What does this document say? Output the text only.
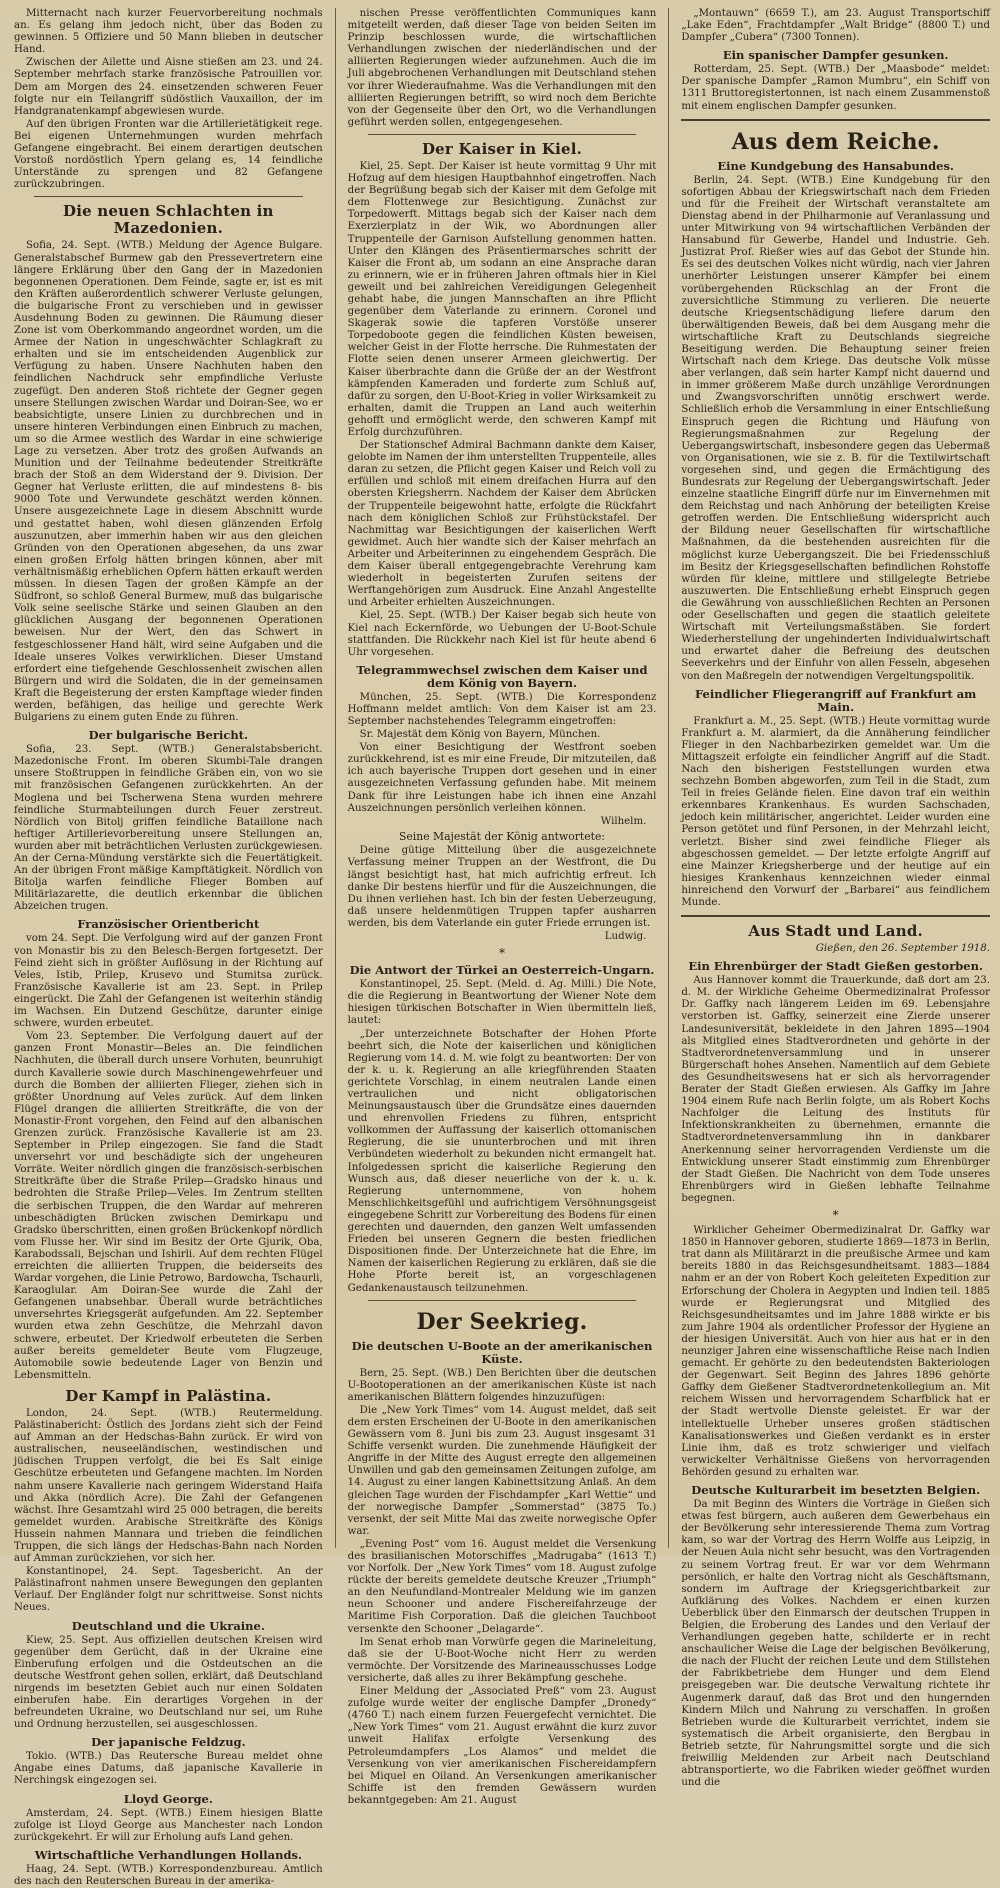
Mitternacht nach kurzer Feuervorbereitung nochmals an. Es gelang ihm jedoch nicht, über das Boden zu gewinnen. 5 Offiziere und 50 Mann blieben in deutscher Hand.

Zwischen der Ailette und Aisne stießen am 23. und 24. September mehrfach starke französische Patrouillen vor. Dem am Morgen des 24. einsetzenden schweren Feuer folgte nur ein Teilangriff südöstlich Vauxaillon, der im Handgranatenkampf abgewiesen wurde.

Auf den übrigen Fronten war die Artillerietätigkeit rege. Bei eigenen Unternehmungen wurden mehrfach Gefangene eingebracht. Bei einem derartigen deutschen Vorstoß nordöstlich Ypern gelang es, 14 feindliche Unterstände zu sprengen und 82 Gefangene zurückzubringen.

Die neuen Schlachten in Mazedonien.

Sofia, 24. Sept. (WTB.) Meldung der Agence Bulgare. Generalstabschef Burmew gab den Pressevertretern eine längere Erklärung über den Gang der in Mazedonien begonnenen Operationen. Dem Feinde, sagte er, ist es mit den Kräften außerordentlich schwerer Verluste gelungen, die bulgarische Front zu verschieben und in gewisser Ausdehnung Boden zu gewinnen. Die Räumung dieser Zone ist vom Oberkommando angeordnet worden, um die Armee der Nation in ungeschwächter Schlagkraft zu erhalten und sie im entscheidenden Augenblick zur Verfügung zu haben. Unsere Nachhuten haben den feindlichen Nachdruck sehr empfindliche Verluste zugefügt. Den anderen Stoß richtete der Gegner gegen unsere Stellungen zwischen Wardar und Doiran-See, wo er beabsichtigte, unsere Linien zu durchbrechen und in unsere hinteren Verbindungen einen Einbruch zu machen, um so die Armee westlich des Wardar in eine schwierige Lage zu versetzen. Aber trotz des großen Aufwands an Munition und der Teilnahme bedeutender Streitkräfte brach der Stoß an dem Widerstand der 9. Division. Der Gegner hat Verluste erlitten, die auf mindestens 8- bis 9000 Tote und Verwundete geschätzt werden können. Unsere ausgezeichnete Lage in diesem Abschnitt wurde und gestattet haben, wohl diesen glänzenden Erfolg auszunutzen, aber immerhin haben wir aus den gleichen Gründen von den Operationen abgesehen, da uns zwar einen großen Erfolg hätten bringen können, aber mit verhältnismäßig erheblichen Opfern hätten erkauft werden müssen. In diesen Tagen der großen Kämpfe an der Südfront, so schloß General Burmew, muß das bulgarische Volk seine seelische Stärke und seinen Glauben an den glücklichen Ausgang der begonnenen Operationen beweisen. Nur der Wert, den das Schwert in festgeschlossener Hand hält, wird seine Aufgaben und die Ideale unseres Volkes verwirklichen. Dieser Umstand erfordert eine tiefgehende Geschlossenheit zwischen allen Bürgern und wird die Soldaten, die in der gemeinsamen Kraft die Begeisterung der ersten Kampftage wieder finden werden, befähigen, das heilige und gerechte Werk Bulgariens zu einem guten Ende zu führen.

Der bulgarische Bericht.

Sofia, 23. Sept. (WTB.) Generalstabsbericht. Mazedonische Front. Im oberen Skumbi-Tale drangen unsere Stoßtruppen in feindliche Gräben ein, von wo sie mit französischen Gefangenen zurückkehrten. An der Moglena und bei Tscherwena Stena wurden mehrere feindliche Sturmabteilungen durch Feuer zerstreut. Nördlich von Bitolj griffen feindliche Bataillone nach heftiger Artillerievorbereitung unsere Stellungen an, wurden aber mit beträchtlichen Verlusten zurückgewiesen. An der Cerna-Mündung verstärkte sich die Feuertätigkeit. An der übrigen Front mäßige Kampftätigkeit. Nördlich von Bitolja warfen feindliche Flieger Bomben auf Militärlazarette, die deutlich erkennbar die üblichen Abzeichen trugen.

Französischer Orientbericht

vom 24. Sept. Die Verfolgung wird auf der ganzen Front von Monastir bis zu den Belesch-Bergen fortgesetzt. Der Feind zieht sich in größter Auflösung in der Richtung auf Veles, Istib, Prilep, Krusevo und Stumitsa zurück. Französische Kavallerie ist am 23. Sept. in Prilep eingerückt. Die Zahl der Gefangenen ist weiterhin ständig im Wachsen. Ein Dutzend Geschütze, darunter einige schwere, wurden erbeutet.

Vom 23. September. Die Verfolgung dauert auf der ganzen Front Monastir—Beles an. Die feindlichen Nachhuten, die überall durch unsere Vorhuten, beunruhigt durch Kavallerie sowie durch Maschinengewehrfeuer und durch die Bomben der alliierten Flieger, ziehen sich in größter Unordnung auf Veles zurück. Auf dem linken Flügel drangen die alliierten Streitkräfte, die von der Monastir-Front vorgehen, den Feind auf den albanischen Grenzen zurück. Französische Kavallerie ist am 23. September in Prilep eingezogen. Sie fand die Stadt unversehrt vor und beschädigte sich der ungeheuren Vorräte. Weiter nördlich gingen die französisch-serbischen Streitkräfte über die Straße Prilep—Gradsko hinaus und bedrohten die Straße Prilep—Veles. Im Zentrum stellten die serbischen Truppen, die den Wardar auf mehreren unbeschädigten Brücken zwischen Demirkapu und Gradsko überschritten, einen großen Brückenkopf nördlich vom Flusse her. Wir sind im Besitz der Orte Gjurik, Oba, Karabodssali, Bejschan und Ishirli. Auf dem rechten Flügel erreichten die alliierten Truppen, die beiderseits des Wardar vorgehen, die Linie Petrowo, Bardowcha, Tschaurli, Karaoglular. Am Doiran-See wurde die Zahl der Gefangenen unabsehbar. Überall wurde beträchtliches unversehrtes Kriegsgerät aufgefunden. Am 22. September wurden etwa zehn Geschütze, die Mehrzahl davon schwere, erbeutet. Der Kriedwolf erbeuteten die Serben außer bereits gemeldeter Beute vom Flugzeuge, Automobile sowie bedeutende Lager von Benzin und Lebensmitteln.

Der Kampf in Palästina.

London, 24. Sept. (WTB.) Reutermeldung. Palästinabericht: Östlich des Jordans zieht sich der Feind auf Amman an der Hedschas-Bahn zurück. Er wird von australischen, neuseeländischen, westindischen und jüdischen Truppen verfolgt, die bei Es Salt einige Geschütze erbeuteten und Gefangene machten. Im Norden nahm unsere Kavallerie nach geringem Widerstand Haifa und Akka (nördlich Acre). Die Zahl der Gefangenen wächst. Ihre Gesamtzahl wird 25 000 betragen, die bereits gemeldet wurden. Arabische Streitkräfte des Königs Hussein nahmen Mannara und trieben die feindlichen Truppen, die sich längs der Hedschas-Bahn nach Norden auf Amman zurückziehen, vor sich her.

Konstantinopel, 24. Sept. Tagesbericht. An der Palästinafront nahmen unsere Bewegungen den geplanten Verlauf. Der Engländer folgt nur schrittweise. Sonst nichts Neues.

Deutschland und die Ukraine.

Kiew, 25. Sept. Aus offiziellen deutschen Kreisen wird gegenüber dem Gerücht, daß in der Ukraine eine Einberufung erfolgen und die Ostdeutschen an die deutsche Westfront gehen sollen, erklärt, daß Deutschland nirgends im besetzten Gebiet auch nur einen Soldaten einberufen habe. Ein derartiges Vorgehen in der befreundeten Ukraine, wo Deutschland nur sei, um Ruhe und Ordnung herzustellen, sei ausgeschlossen.

Der japanische Feldzug.

Tokio. (WTB.) Das Reutersche Bureau meldet ohne Angabe eines Datums, daß japanische Kavallerie in Nerchingsk eingezogen sei.

Lloyd George.

Amsterdam, 24. Sept. (WTB.) Einem hiesigen Blatte zufolge ist Lloyd George aus Manchester nach London zurückgekehrt. Er will zur Erholung aufs Land gehen.

Wirtschaftliche Verhandlungen Hollands.

Haag, 24. Sept. (WTB.) Korrespondenzbureau. Amtlich des nach den Reuterschen Bureau in der amerika-

nischen Presse veröffentlichten Communiques kann mitgeteilt werden, daß dieser Tage von beiden Seiten im Prinzip beschlossen wurde, die wirtschaftlichen Verhandlungen zwischen der niederländischen und der alliierten Regierungen wieder aufzunehmen. Auch die im Juli abgebrochenen Verhandlungen mit Deutschland stehen vor ihrer Wiederaufnahme. Was die Verhandlungen mit den alliierten Regierungen betrifft, so wird noch dem Berichte von der Gegenseite über den Ort, wo die Verhandlungen geführt werden sollen, entgegengesehen.

Der Kaiser in Kiel.

Kiel, 25. Sept. Der Kaiser ist heute vormittag 9 Uhr mit Hofzug auf dem hiesigen Hauptbahnhof eingetroffen. Nach der Begrüßung begab sich der Kaiser mit dem Gefolge mit dem Flottenwege zur Besichtigung. Zunächst zur Torpedowerft. Mittags begab sich der Kaiser nach dem Exerzierplatz in der Wik, wo Abordnungen aller Truppenteile der Garnison Aufstellung genommen hatten. Unter den Klängen des Präsentiermarsches schritt der Kaiser die Front ab, um sodann an eine Ansprache daran zu erinnern, wie er in früheren Jahren oftmals hier in Kiel geweilt und bei zahlreichen Vereidigungen Gelegenheit gehabt habe, die jungen Mannschaften an ihre Pflicht gegenüber dem Vaterlande zu erinnern. Coronel und Skagerak sowie die tapferen Vorstöße unserer Torpedoboote gegen die feindlichen Küsten beweisen, welcher Geist in der Flotte herrsche. Die Ruhmestaten der Flotte seien denen unserer Armeen gleichwertig. Der Kaiser überbrachte dann die Grüße der an der Westfront kämpfenden Kameraden und forderte zum Schluß auf, dafür zu sorgen, den U-Boot-Krieg in voller Wirksamkeit zu erhalten, damit die Truppen an Land auch weiterhin gehofft und ermöglicht werde, den schweren Kampf mit Erfolg durchzuführen.

Der Stationschef Admiral Bachmann dankte dem Kaiser, gelobte im Namen der ihm unterstellten Truppenteile, alles daran zu setzen, die Pflicht gegen Kaiser und Reich voll zu erfüllen und schloß mit einem dreifachen Hurra auf den obersten Kriegsherrn. Nachdem der Kaiser dem Abrücken der Truppenteile beigewohnt hatte, erfolgte die Rückfahrt nach dem königlichen Schloß zur Frühstückstafel. Der Nachmittag war Besichtigungen der kaiserlichen Werft gewidmet. Auch hier wandte sich der Kaiser mehrfach an Arbeiter und Arbeiterinnen zu eingehendem Gespräch. Die dem Kaiser überall entgegengebrachte Verehrung kam wiederholt in begeisterten Zurufen seitens der Werftangehörigen zum Ausdruck. Eine Anzahl Angestellte und Arbeiter erhielten Auszeichnungen.

Kiel, 25. Sept. (WTB.) Der Kaiser begab sich heute von Kiel nach Eckernförde, wo Uebungen der U-Boot-Schule stattfanden. Die Rückkehr nach Kiel ist für heute abend 6 Uhr vorgesehen.

Telegrammwechsel zwischen dem Kaiser und dem König von Bayern.

München, 25. Sept. (WTB.) Die Korrespondenz Hoffmann meldet amtlich: Von dem Kaiser ist am 23. September nachstehendes Telegramm eingetroffen:

Sr. Majestät dem König von Bayern, München.

Von einer Besichtigung der Westfront soeben zurückkehrend, ist es mir eine Freude, Dir mitzuteilen, daß ich auch bayerische Truppen dort gesehen und in einer ausgezeichneten Verfassung gefunden habe. Mit meinem Dank für ihre Leistungen habe ich ihnen eine Anzahl Auszeichnungen persönlich verleihen können.

Wilhelm.
Seine Majestät der König antwortete:

Deine gütige Mitteilung über die ausgezeichnete Verfassung meiner Truppen an der Westfront, die Du längst besichtigt hast, hat mich aufrichtig erfreut. Ich danke Dir bestens hierfür und für die Auszeichnungen, die Du ihnen verliehen hast. Ich bin der festen Ueberzeugung, daß unsere heldenmütigen Truppen tapfer ausharren werden, bis dem Vaterlande ein guter Friede errungen ist.

Ludwig.
*
Die Antwort der Türkei an Oesterreich-Ungarn.

Konstantinopel, 25. Sept. (Meld. d. Ag. Milli.) Die Note, die die Regierung in Beantwortung der Wiener Note dem hiesigen türkischen Botschafter in Wien übermitteln ließ, lautet:

„Der unterzeichnete Botschafter der Hohen Pforte beehrt sich, die Note der kaiserlichen und königlichen Regierung vom 14. d. M. wie folgt zu beantworten: Der von der k. u. k. Regierung an alle kriegführenden Staaten gerichtete Vorschlag, in einem neutralen Lande einen vertraulichen und nicht obligatorischen Meinungsaustausch über die Grundsätze eines dauernden und ehrenvollen Friedens zu führen, entspricht vollkommen der Auffassung der kaiserlich ottomanischen Regierung, die sie ununterbrochen und mit ihren Verbündeten wiederholt zu bekunden nicht ermangelt hat. Infolgedessen spricht die kaiserliche Regierung den Wunsch aus, daß dieser neuerliche von der k. u. k. Regierung unternommene, von hohem Menschlichkeitsgefühl und aufrichtigem Versöhnungsgeist eingegebene Schritt zur Vorbereitung des Bodens für einen gerechten und dauernden, den ganzen Welt umfassenden Frieden bei unseren Gegnern die besten friedlichen Dispositionen finde. Der Unterzeichnete hat die Ehre, im Namen der kaiserlichen Regierung zu erklären, daß sie die Hohe Pforte bereit ist, an vorgeschlagenen Gedankenaustausch teilzunehmen.

Der Seekrieg.
Die deutschen U-Boote an der amerikanischen Küste.

Bern, 25. Sept. (WB.) Den Berichten über die deutschen U-Bootoperationen an der amerikanischen Küste ist nach amerikanischen Blättern folgendes hinzuzufügen:

Die „New York Times“ vom 14. August meldet, daß seit dem ersten Erscheinen der U-Boote in den amerikanischen Gewässern vom 8. Juni bis zum 23. August insgesamt 31 Schiffe versenkt wurden. Die zunehmende Häufigkeit der Angriffe in der Mitte des August erregte den allgemeinen Unwillen und gab den gemeinsamen Zeitungen zufolge, am 14. August zu einer langen Kabinettsitzung Anlaß. An dem gleichen Tage wurden der Fischdampfer „Karl Wettie“ und der norwegische Dampfer „Sommerstad“ (3875 To.) versenkt, der seit Mitte Mai das zweite norwegische Opfer war.

„Evening Post“ vom 16. August meldet die Versenkung des brasilianischen Motorschiffes „Madrugaba“ (1613 T.) vor Norfolk. Der „New York Times“ vom 18. August zufolge rückte der bereits gemeldete deutsche Kreuzer „Triumph“ an den Neufundland-Montrealer Meldung wie im ganzen neun Schooner und andere Fischereifahrzeuge der Maritime Fish Corporation. Daß die gleichen Tauchboot versenkte den Schooner „Delagarde“.

Im Senat erhob man Vorwürfe gegen die Marineleitung, daß sie der U-Boot-Woche nicht Herr zu werden vermöchte. Der Vorsitzende des Marineausschusses Lodge versicherte, daß alles zu ihrer Bekämpfung geschehe.

Einer Meldung der „Associated Preß“ vom 23. August zufolge wurde weiter der englische Dampfer „Dronedy“ (4760 T.) nach einem furzen Feuergefecht vernichtet. Die „New York Times“ vom 21. August erwähnt die kurz zuvor unweit Halifax erfolgte Versenkung des Petroleumdampfers „Los Alamos“ und meldet die Versenkung von vier amerikanischen Fischereidampfern bei Miquel en Oiland. An Versenkungen amerikanischer Schiffe ist den fremden Gewässern wurden bekanntgegeben: Am 21. August

„Montauwn“ (6659 T.), am 23. August Transportschiff „Lake Eden“, Frachtdampfer „Walt Bridge“ (8800 T.) und Dampfer „Cubera“ (7300 Tonnen).

Ein spanischer Dampfer gesunken.

Rotterdam, 25. Sept. (WTB.) Der „Maasbode“ meldet: Der spanische Dampfer „Ramon Mumbru“, ein Schiff von 1311 Bruttoregistertonnen, ist nach einem Zusammenstoß mit einem englischen Dampfer gesunken.

Aus dem Reiche.
Eine Kundgebung des Hansabundes.

Berlin, 24. Sept. (WTB.) Eine Kundgebung für den sofortigen Abbau der Kriegswirtschaft nach dem Frieden und für die Freiheit der Wirtschaft veranstaltete am Dienstag abend in der Philharmonie auf Veranlassung und unter Mitwirkung von 94 wirtschaftlichen Verbänden der Hansabund für Gewerbe, Handel und Industrie. Geh. Justizrat Prof. Rießer wies auf das Gebot der Stunde hin. Es sei des deutschen Volkes nicht würdig, nach vier Jahren unerhörter Leistungen unserer Kämpfer bei einem vorübergehenden Rückschlag an der Front die zuversichtliche Stimmung zu verlieren. Die neuerte deutsche Kriegsentschädigung liefere darum den überwältigenden Beweis, daß bei dem Ausgang mehr die wirtschaftliche Kraft zu Deutschlands siegreiche Beseitigung werden. Die Behauptung seiner freien Wirtschaft nach dem Kriege. Das deutsche Volk müsse aber verlangen, daß sein harter Kampf nicht dauernd und in immer größerem Maße durch unzählige Verordnungen und Zwangsvorschriften unnötig erschwert werde. Schließlich erhob die Versammlung in einer Entschließung Einspruch gegen die Richtung und Häufung von Regierungsmaßnahmen zur Regelung der Uebergangswirtschaft, insbesondere gegen das Uebermaß von Organisationen, wie sie z. B. für die Textilwirtschaft vorgesehen sind, und gegen die Ermächtigung des Bundesrats zur Regelung der Uebergangswirtschaft. Jeder einzelne staatliche Eingriff dürfe nur im Einvernehmen mit dem Reichstag und nach Anhörung der beteiligten Kreise getroffen werden. Die Entschließung widerspricht auch der Bildung neuer Gesellschaften für wirtschaftliche Maßnahmen, da die bestehenden ausreichten für die möglichst kurze Uebergangszeit. Die bei Friedensschluß im Besitz der Kriegsgesellschaften befindlichen Rohstoffe würden für kleine, mittlere und stillgelegte Betriebe auszuwerten. Die Entschließung erhebt Einspruch gegen die Gewährung von ausschließlichen Rechten an Personen oder Gesellschaften und gegen die staatlich geleitete Wirtschaft mit Verteilungsmaßstäben. Sie fordert Wiederherstellung der ungehinderten Individualwirtschaft und erwartet daher die Befreiung des deutschen Seeverkehrs und der Einfuhr von allen Fesseln, abgesehen von den Maßregeln der notwendigen Vergeltungspolitik.

Feindlicher Fliegerangriff auf Frankfurt am Main.

Frankfurt a. M., 25. Sept. (WTB.) Heute vormittag wurde Frankfurt a. M. alarmiert, da die Annäherung feindlicher Flieger in den Nachbarbezirken gemeldet war. Um die Mittagszeit erfolgte ein feindlicher Angriff auf die Stadt. Nach den bisherigen Feststellungen wurden etwa sechzehn Bomben abgeworfen, zum Teil in die Stadt, zum Teil in freies Gelände fielen. Eine davon traf ein weithin erkennbares Krankenhaus. Es wurden Sachschaden, jedoch kein militärischer, angerichtet. Leider wurden eine Person getötet und fünf Personen, in der Mehrzahl leicht, verletzt. Bisher sind zwei feindliche Flieger als abgeschossen gemeldet. — Der letzte erfolgte Angriff auf eine Mainzer Kriegsherberge und der heutige auf ein hiesiges Krankenhaus kennzeichnen wieder einmal hinreichend den Vorwurf der „Barbarei“ aus feindlichem Munde.

Aus Stadt und Land.
Gießen, den 26. September 1918.
Ein Ehrenbürger der Stadt Gießen gestorben.

Aus Hannover kommt die Trauerkunde, daß dort am 23. d. M. der Wirkliche Geheime Obermedizinalrat Professor Dr. Gaffky nach längerem Leiden im 69. Lebensjahre verstorben ist. Gaffky, seinerzeit eine Zierde unserer Landesuniversität, bekleidete in den Jahren 1895—1904 als Mitglied eines Stadtverordneten und gehörte in der Stadtverordnetenversammlung und in unserer Bürgerschaft hohes Ansehen. Namentlich auf dem Gebiete des Gesundheitswesens hat er sich als hervorragender Berater der Stadt Gießen erwiesen. Als Gaffky im Jahre 1904 einem Rufe nach Berlin folgte, um als Robert Kochs Nachfolger die Leitung des Instituts für Infektionskrankheiten zu übernehmen, ernannte die Stadtverordnetenversammlung ihn in dankbarer Anerkennung seiner hervorragenden Verdienste um die Entwicklung unserer Stadt einstimmig zum Ehrenbürger der Stadt Gießen. Die Nachricht von dem Tode unseres Ehrenbürgers wird in Gießen lebhafte Teilnahme begegnen.

*

Wirklicher Geheimer Obermedizinalrat Dr. Gaffky war 1850 in Hannover geboren, studierte 1869—1873 in Berlin, trat dann als Militärarzt in die preußische Armee und kam bereits 1880 in das Reichsgesundheitsamt. 1883—1884 nahm er an der von Robert Koch geleiteten Expedition zur Erforschung der Cholera in Aegypten und Indien teil. 1885 wurde er Regierungsrat und Mitglied des Reichsgesundheitsamtes und im Jahre 1888 wirkte er bis zum Jahre 1904 als ordentlicher Professor der Hygiene an der hiesigen Universität. Auch von hier aus hat er in den neunziger Jahren eine wissenschaftliche Reise nach Indien gemacht. Er gehörte zu den bedeutendsten Bakteriologen der Gegenwart. Seit Beginn des Jahres 1896 gehörte Gaffky dem Gießener Stadtverordnetenkollegium an. Mit reichem Wissen und hervorragendem Scharfblick hat er der Stadt wertvolle Dienste geleistet. Er war der intellektuelle Urheber unseres großen städtischen Kanalisationswerkes und Gießen verdankt es in erster Linie ihm, daß es trotz schwieriger und vielfach verwickelter Verhältnisse Gießens von hervorragenden Behörden gesund zu erhalten war.

Deutsche Kulturarbeit im besetzten Belgien.

Da mit Beginn des Winters die Vorträge in Gießen sich etwas fest bürgern, auch außeren dem Gewerbehaus ein der Bevölkerung sehr interessierende Thema zum Vortrag kam, so war der Vortrag des Herrn Wolffe aus Leipzig, in der Neuen Aula nicht sehr besucht, was den Vortragenden zu seinem Vortrag freut. Er war vor dem Wehrmann persönlich, er halte den Vortrag nicht als Geschäftsmann, sondern im Auftrage der Kriegsgerichtbarkeit zur Aufklärung des Volkes. Nachdem er einen kurzen Ueberblick über den Einmarsch der deutschen Truppen in Belgien, die Eroberung des Landes und den Verlauf der Verhandlungen gegeben hatte, schilderte er in recht anschaulicher Weise die Lage der belgischen Bevölkerung, die nach der Flucht der reichen Leute und dem Stillstehen der Fabrikbetriebe dem Hunger und dem Elend preisgegeben war. Die deutsche Verwaltung richtete ihr Augenmerk darauf, daß das Brot und den hungernden Kindern Milch und Nahrung zu verschaffen. In großen Betrieben wurde die Kulturarbeit verrichtet, indem sie systematisch die Arbeit organisierte, den Bergbau in Betrieb setzte, für Nahrungsmittel sorgte und die sich freiwillig Meldenden zur Arbeit nach Deutschland abtransportierte, wo die Fabriken wieder geöffnet wurden und die
